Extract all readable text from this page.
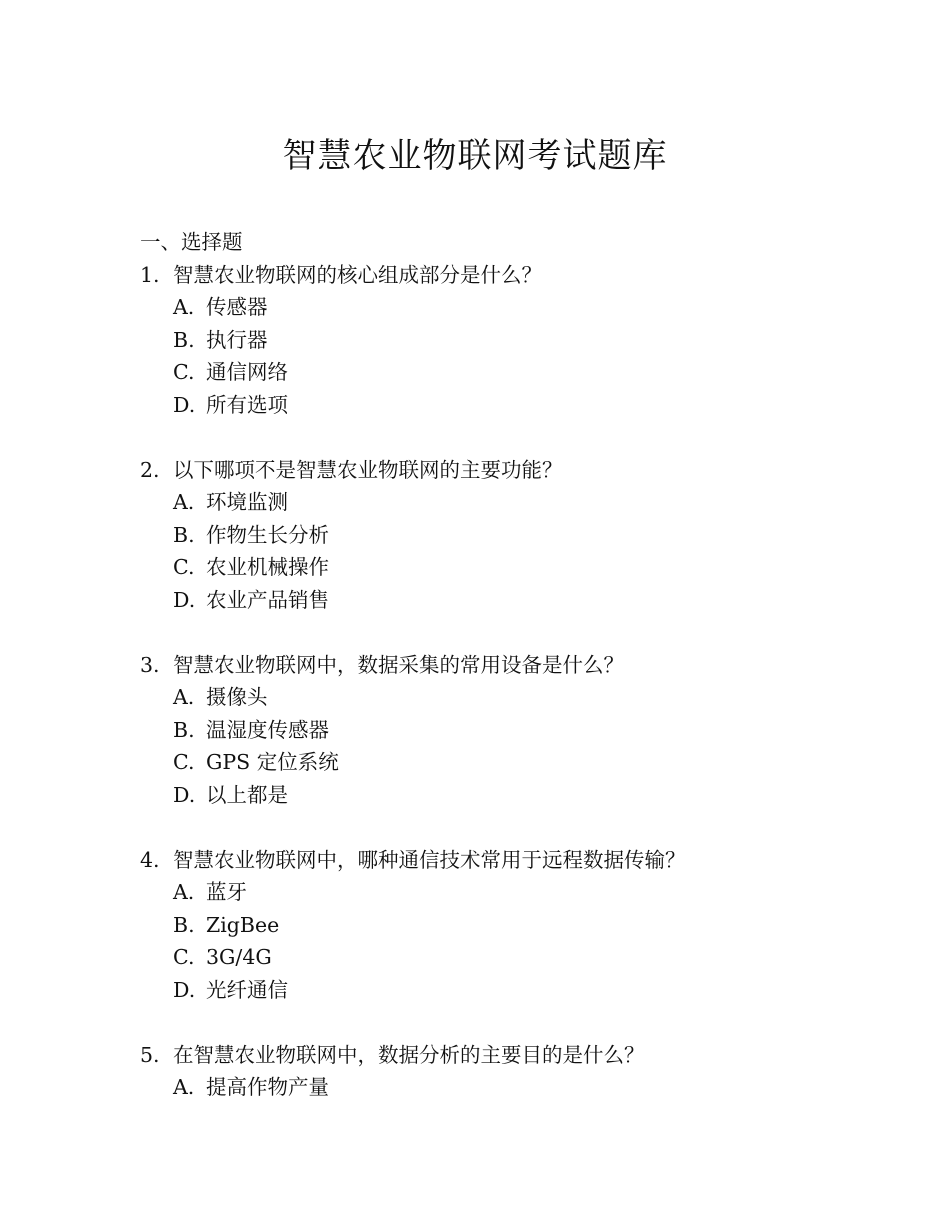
智慧农业物联网考试题库
一、选择题
1. 智慧农业物联网的核心组成部分是什么？
A. 传感器
B. 执行器
C. 通信网络
D. 所有选项
2. 以下哪项不是智慧农业物联网的主要功能？
A. 环境监测
B. 作物生长分析
C. 农业机械操作
D. 农业产品销售
3. 智慧农业物联网中，数据采集的常用设备是什么？
A. 摄像头
B. 温湿度传感器
C. GPS 定位系统
D. 以上都是
4. 智慧农业物联网中，哪种通信技术常用于远程数据传输？
A. 蓝牙
B. ZigBee
C. 3G/4G
D. 光纤通信
5. 在智慧农业物联网中，数据分析的主要目的是什么？
A. 提高作物产量
